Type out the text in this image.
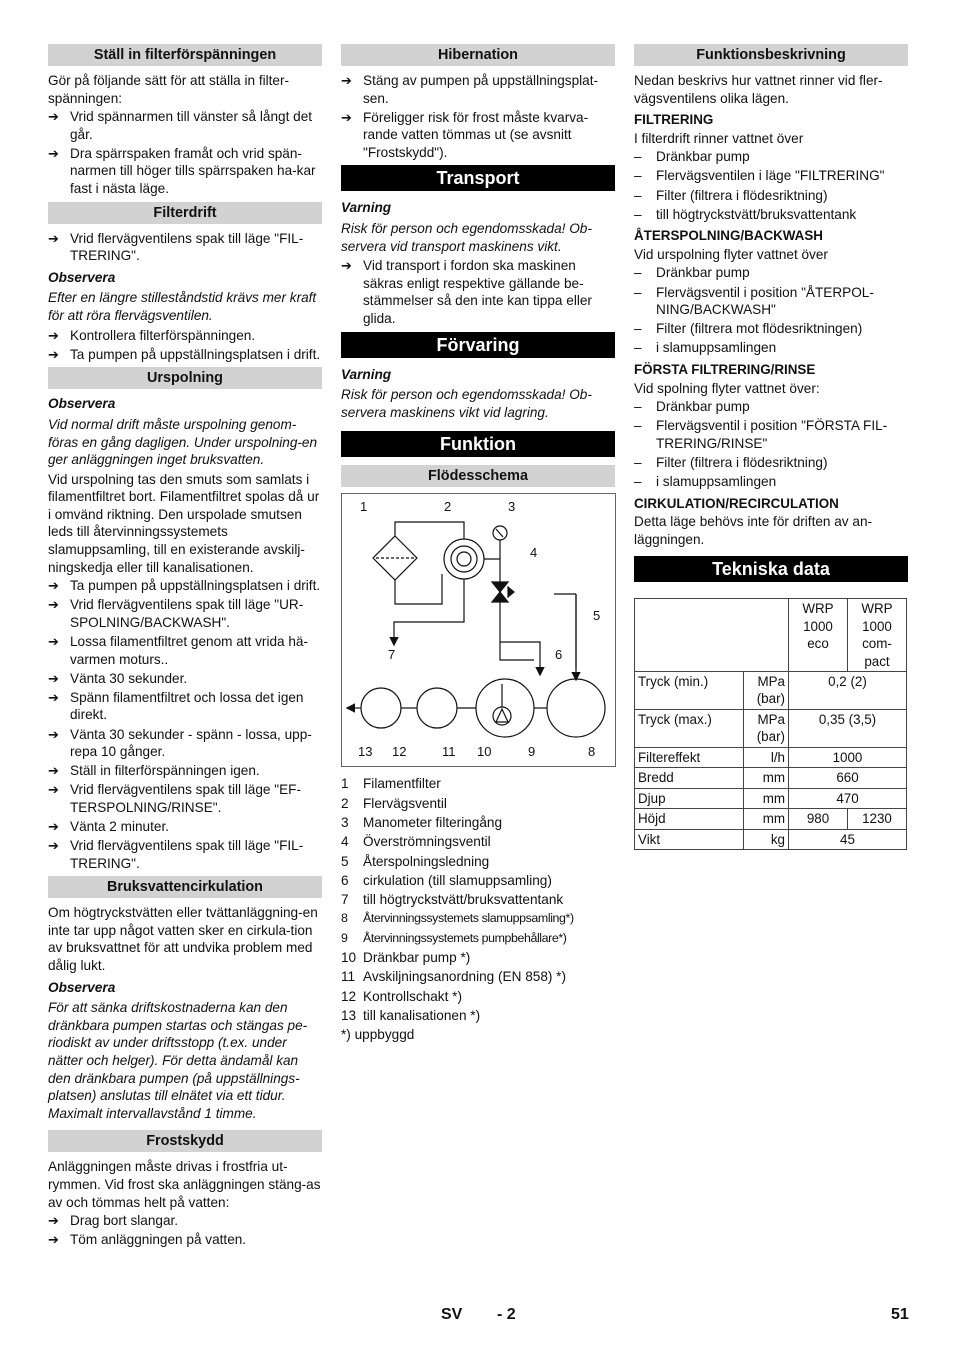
Ställ in filterförspänningen
Gör på följande sätt för att ställa in filter-spänningen:
➔ Vrid spännarmen till vänster så långt det går.
➔ Dra spärrspaken framåt och vrid spän-narmen till höger tills spärrspaken ha-kar fast i nästa läge.
Filterdrift
➔ Vrid flervägventilens spak till läge "FIL-TRERING".
Observera
Efter en längre stilleståndstid krävs mer kraft för att röra flervägsventilen.
➔ Kontrollera filterförspänningen.
➔ Ta pumpen på uppställningsplatsen i drift.
Urspolning
Observera
Vid normal drift måste urspolning genom-föras en gång dagligen. Under urspolning-en ger anläggningen inget bruksvatten.
Vid urspolning tas den smuts som samlats i filamentfiltret bort. Filamentfiltret spolas då ur i omvänd riktning. Den urspolade smutsen leds till återvinningssystemets slamuppsamling, till en existerande avskilj-ningskedja eller till kanalisationen.
➔ Ta pumpen på uppställningsplatsen i drift.
➔ Vrid flervägventilens spak till läge "UR-SPOLNING/BACKWASH".
➔ Lossa filamentfiltret genom att vrida hä-varmen moturs..
➔ Vänta 30 sekunder.
➔ Spänn filamentfiltret och lossa det igen direkt.
➔ Vänta 30 sekunder - spänn - lossa, upp-repa 10 gånger.
➔ Ställ in filterförspänningen igen.
➔ Vrid flervägventilens spak till läge "EF-TERSPOLNING/RINSE".
➔ Vänta 2 minuter.
➔ Vrid flervägventilens spak till läge "FIL-TRERING".
Bruksvattencirkulation
Om högtryckstvätten eller tvättanläggning-en inte tar upp något vatten sker en cirkula-tion av bruksvattnet för att undvika problem med dålig lukt.
Observera
För att sänka driftskostnaderna kan den dränkbara pumpen startas och stängas pe-riodiskt av under driftsstopp (t.ex. under nätter och helger). För detta ändamål kan den dränkbara pumpen (på uppställnings-platsen) anslutas till elnätet via ett tidur. Maximalt intervallavstånd 1 timme.
Frostskydd
Anläggningen måste drivas i frostfria ut-rymmen. Vid frost ska anläggningen stäng-as av och tömmas helt på vatten:
➔ Drag bort slangar.
➔ Töm anläggningen på vatten.
Hibernation
➔ Stäng av pumpen på uppställningsplat-sen.
➔ Föreligger risk för frost måste kvarva-rande vatten tömmas ut (se avsnitt "Frostskydd").
Transport
Varning
Risk för person och egendomsskada! Ob-servera vid transport maskinens vikt.
➔ Vid transport i fordon ska maskinen säkras enligt respektive gällande be-stämmelser så den inte kan tippa eller glida.
Förvaring
Varning
Risk för person och egendomsskada! Ob-servera maskinens vikt vid lagring.
Funktion
Flödesschema
1	2	3
4
5
6
7
8
9
10
11
12
13
1 Filamentfilter
2 Flervägsventil
3 Manometer filteringång
4 Överströmningsventil
5 Återspolningsledning
6 cirkulation (till slamuppsamling)
7 till högtryckstvätt/bruksvattentank
8 Återvinningssystemets slamuppsamling*)
9 Återvinningssystemets pumpbehållare*)
10 Dränkbar pump *)
11 Avskiljningsanordning (EN 858) *)
12 Kontrollschakt *)
13 till kanalisationen *)
*) uppbyggd
Funktionsbeskrivning
Nedan beskrivs hur vattnet rinner vid fler-vägsventilens olika lägen.
FILTRERING
I filterdrift rinner vattnet över
– Dränkbar pump
– Flervägsventilen i läge "FILTRERING"
– Filter (filtrera i flödesriktning)
– till högtryckstvätt/bruksvattentank
ÅTERSPOLNING/BACKWASH
Vid urspolning flyter vattnet över
– Dränkbar pump
– Flervägsventil i position "ÅTERPOL-NING/BACKWASH"
– Filter (filtrera mot flödesriktningen)
– i slamuppsamlingen
FÖRSTA FILTRERING/RINSE
Vid spolning flyter vattnet över:
– Dränkbar pump
– Flervägsventil i position "FÖRSTA FIL-TRERING/RINSE"
– Filter (filtrera i flödesriktning)
– i slamuppsamlingen
CIRKULATION/RECIRCULATION
Detta läge behövs inte för driften av an-läggningen.
Tekniska data
		WRP 1000 eco	WRP 1000 com-pact
Tryck (min.)	MPa (bar)	0,2 (2)	
Tryck (max.)	MPa (bar)	0,35 (3,5)	
Filtereffekt	l/h	1000	
Bredd	mm	660	
Djup	mm	470	
Höjd	mm	980	1230
Vikt	kg	45	
SV - 2	51
